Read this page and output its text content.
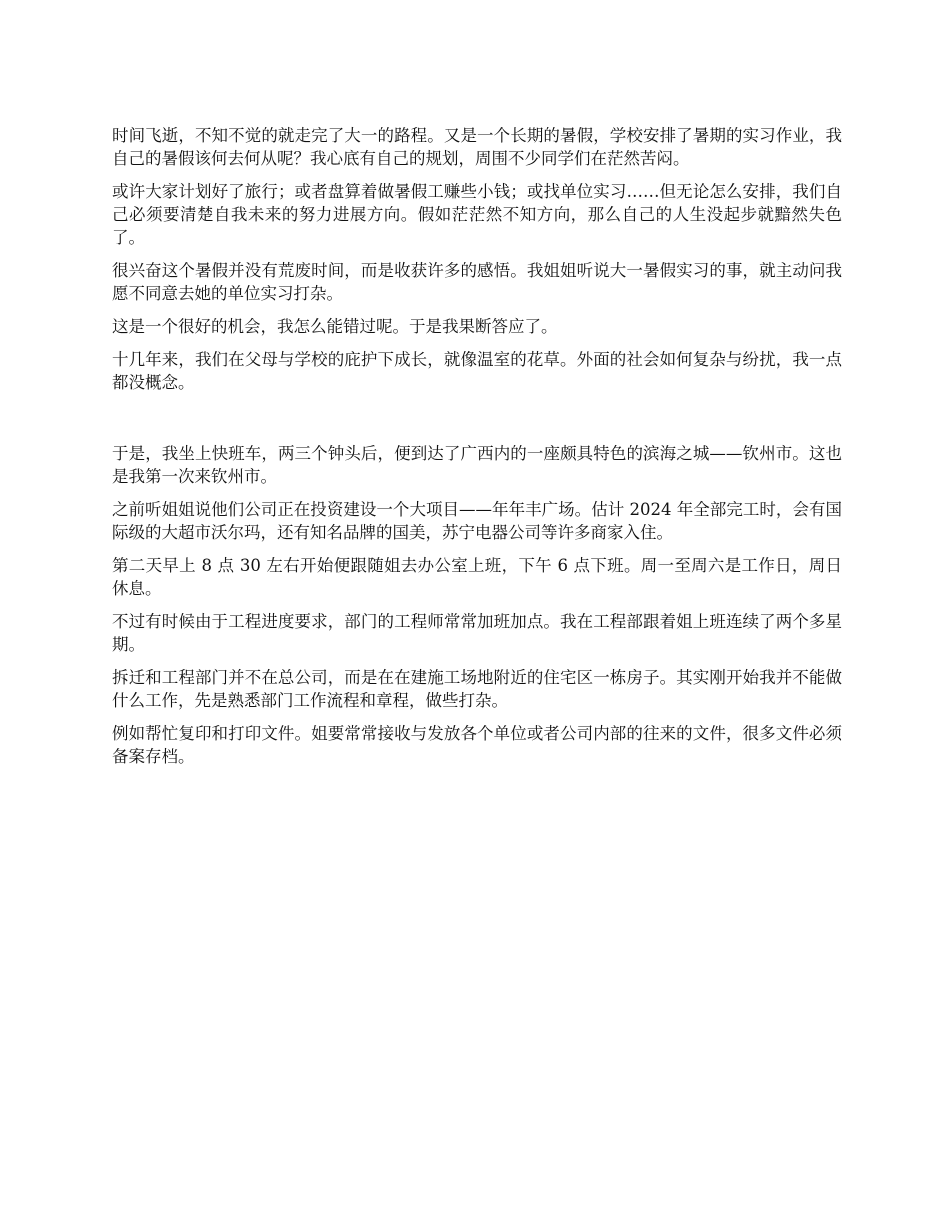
时间飞逝，不知不觉的就走完了大一的路程。又是一个长期的暑假，学校安排了暑期的实习作业，我自己的暑假该何去何从呢？我心底有自己的规划，周围不少同学们在茫然苦闷。

或许大家计划好了旅行；或者盘算着做暑假工赚些小钱；或找单位实习……但无论怎么安排，我们自己必须要清楚自我未来的努力进展方向。假如茫茫然不知方向，那么自己的人生没起步就黯然失色了。

很兴奋这个暑假并没有荒废时间，而是收获许多的感悟。我姐姐听说大一暑假实习的事，就主动问我愿不同意去她的单位实习打杂。

这是一个很好的机会，我怎么能错过呢。于是我果断答应了。

十几年来，我们在父母与学校的庇护下成长，就像温室的花草。外面的社会如何复杂与纷扰，我一点都没概念。

于是，我坐上快班车，两三个钟头后，便到达了广西内的一座颇具特色的滨海之城——钦州市。这也是我第一次来钦州市。

之前听姐姐说他们公司正在投资建设一个大项目——年年丰广场。估计 2024 年全部完工时，会有国际级的大超市沃尔玛，还有知名品牌的国美，苏宁电器公司等许多商家入住。

第二天早上 8 点 30 左右开始便跟随姐去办公室上班，下午 6 点下班。周一至周六是工作日，周日休息。

不过有时候由于工程进度要求，部门的工程师常常加班加点。我在工程部跟着姐上班连续了两个多星期。

拆迁和工程部门并不在总公司，而是在在建施工场地附近的住宅区一栋房子。其实刚开始我并不能做什么工作，先是熟悉部门工作流程和章程，做些打杂。

例如帮忙复印和打印文件。姐要常常接收与发放各个单位或者公司内部的往来的文件，很多文件必须备案存档。
